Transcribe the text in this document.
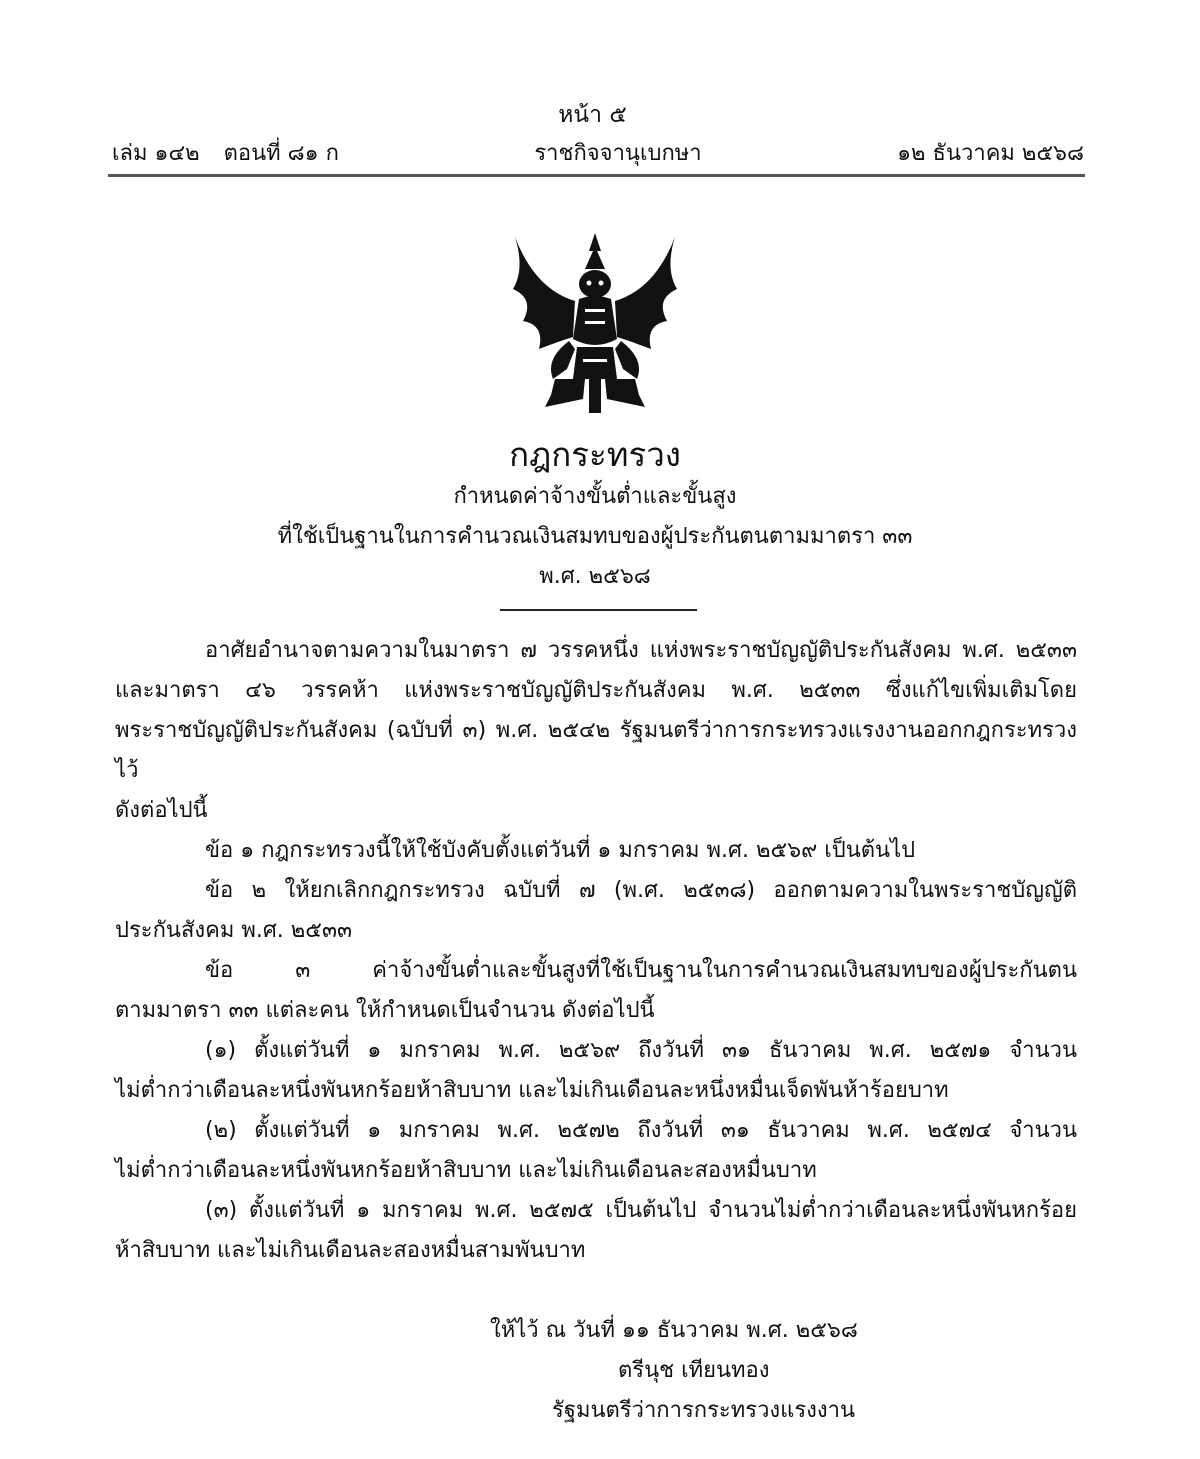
หน้า ๕
เล่ม ๑๔๒ ตอนที่ ๘๑ ก	ราชกิจจานุเบกษา	๑๒ ธันวาคม ๒๕๖๘
กฎกระทรวง
กำหนดค่าจ้างขั้นต่ำและขั้นสูง
ที่ใช้เป็นฐานในการคำนวณเงินสมทบของผู้ประกันตนตามมาตรา ๓๓
พ.ศ. ๒๕๖๘
อาศัยอำนาจตามความในมาตรา ๗ วรรคหนึ่ง แห่งพระราชบัญญัติประกันสังคม พ.ศ. ๒๕๓๓
และมาตรา ๔๖ วรรคห้า แห่งพระราชบัญญัติประกันสังคม พ.ศ. ๒๕๓๓ ซึ่งแก้ไขเพิ่มเติมโดย
พระราชบัญญัติประกันสังคม (ฉบับที่ ๓) พ.ศ. ๒๕๔๒ รัฐมนตรีว่าการกระทรวงแรงงานออกกฎกระทรวงไว้
ดังต่อไปนี้
ข้อ ๑ กฎกระทรวงนี้ให้ใช้บังคับตั้งแต่วันที่ ๑ มกราคม พ.ศ. ๒๕๖๙ เป็นต้นไป
ข้อ ๒ ให้ยกเลิกกฎกระทรวง ฉบับที่ ๗ (พ.ศ. ๒๕๓๘) ออกตามความในพระราชบัญญัติ
ประกันสังคม พ.ศ. ๒๕๓๓
ข้อ ๓ ค่าจ้างขั้นต่ำและขั้นสูงที่ใช้เป็นฐานในการคำนวณเงินสมทบของผู้ประกันตน
ตามมาตรา ๓๓ แต่ละคน ให้กำหนดเป็นจำนวน ดังต่อไปนี้
(๑) ตั้งแต่วันที่ ๑ มกราคม พ.ศ. ๒๕๖๙ ถึงวันที่ ๓๑ ธันวาคม พ.ศ. ๒๕๗๑ จำนวน
ไม่ต่ำกว่าเดือนละหนึ่งพันหกร้อยห้าสิบบาท และไม่เกินเดือนละหนึ่งหมื่นเจ็ดพันห้าร้อยบาท
(๒) ตั้งแต่วันที่ ๑ มกราคม พ.ศ. ๒๕๗๒ ถึงวันที่ ๓๑ ธันวาคม พ.ศ. ๒๕๗๔ จำนวน
ไม่ต่ำกว่าเดือนละหนึ่งพันหกร้อยห้าสิบบาท และไม่เกินเดือนละสองหมื่นบาท
(๓) ตั้งแต่วันที่ ๑ มกราคม พ.ศ. ๒๕๗๕ เป็นต้นไป จำนวนไม่ต่ำกว่าเดือนละหนึ่งพันหกร้อย
ห้าสิบบาท และไม่เกินเดือนละสองหมื่นสามพันบาท
ให้ไว้ ณ วันที่ ๑๑ ธันวาคม พ.ศ. ๒๕๖๘
ตรีนุช เทียนทอง
รัฐมนตรีว่าการกระทรวงแรงงาน
